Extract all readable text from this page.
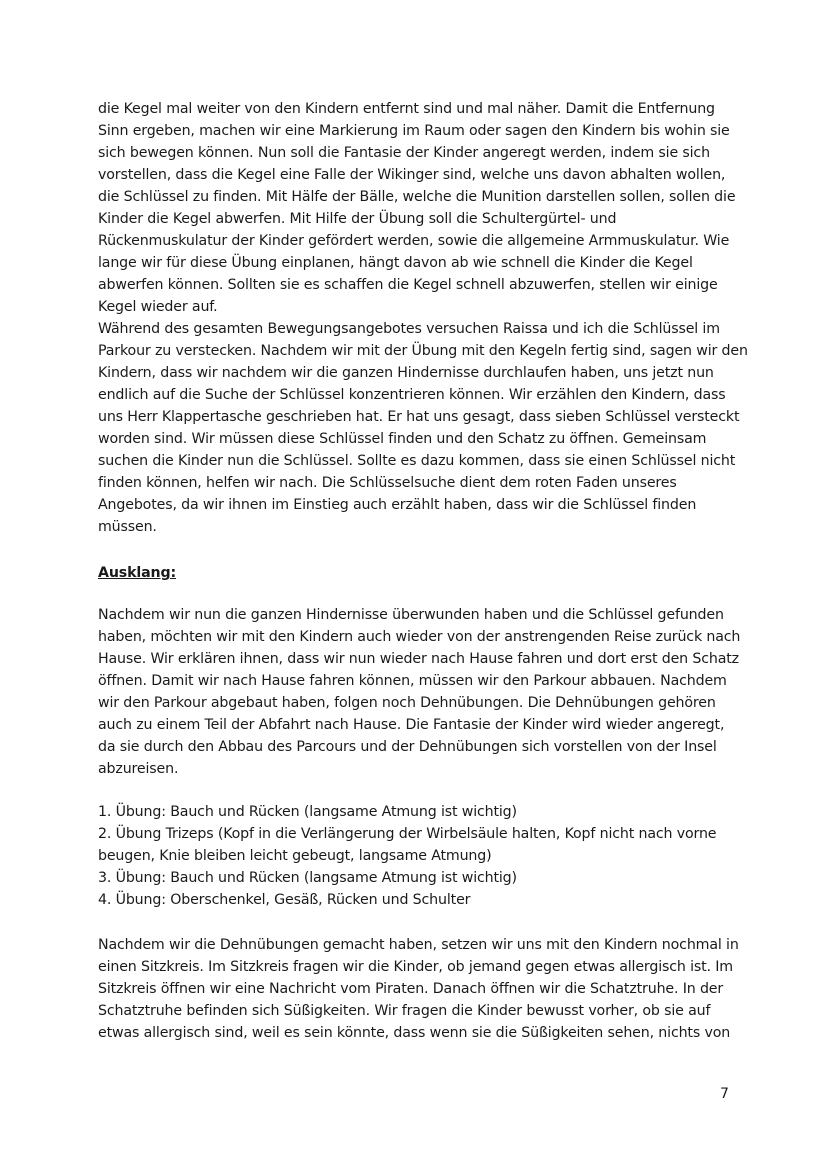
die Kegel mal weiter von den Kindern entfernt sind und mal näher. Damit die Entfernung
Sinn ergeben, machen wir eine Markierung im Raum oder sagen den Kindern bis wohin sie
sich bewegen können. Nun soll die Fantasie der Kinder angeregt werden, indem sie sich
vorstellen, dass die Kegel eine Falle der Wikinger sind, welche uns davon abhalten wollen,
die Schlüssel zu finden. Mit Hälfe der Bälle, welche die Munition darstellen sollen, sollen die
Kinder die Kegel abwerfen. Mit Hilfe der Übung soll die Schultergürtel- und
Rückenmuskulatur der Kinder gefördert werden, sowie die allgemeine Armmuskulatur. Wie
lange wir für diese Übung einplanen, hängt davon ab wie schnell die Kinder die Kegel
abwerfen können. Sollten sie es schaffen die Kegel schnell abzuwerfen, stellen wir einige
Kegel wieder auf.
Während des gesamten Bewegungsangebotes versuchen Raissa und ich die Schlüssel im
Parkour zu verstecken. Nachdem wir mit der Übung mit den Kegeln fertig sind, sagen wir den
Kindern, dass wir nachdem wir die ganzen Hindernisse durchlaufen haben, uns jetzt nun
endlich auf die Suche der Schlüssel konzentrieren können. Wir erzählen den Kindern, dass
uns Herr Klappertasche geschrieben hat. Er hat uns gesagt, dass sieben Schlüssel versteckt
worden sind. Wir müssen diese Schlüssel finden und den Schatz zu öffnen. Gemeinsam
suchen die Kinder nun die Schlüssel. Sollte es dazu kommen, dass sie einen Schlüssel nicht
finden können, helfen wir nach. Die Schlüsselsuche dient dem roten Faden unseres
Angebotes, da wir ihnen im Einstieg auch erzählt haben, dass wir die Schlüssel finden
müssen.

Ausklang:

Nachdem wir nun die ganzen Hindernisse überwunden haben und die Schlüssel gefunden
haben, möchten wir mit den Kindern auch wieder von der anstrengenden Reise zurück nach
Hause. Wir erklären ihnen, dass wir nun wieder nach Hause fahren und dort erst den Schatz
öffnen. Damit wir nach Hause fahren können, müssen wir den Parkour abbauen. Nachdem
wir den Parkour abgebaut haben, folgen noch Dehnübungen. Die Dehnübungen gehören
auch zu einem Teil der Abfahrt nach Hause. Die Fantasie der Kinder wird wieder angeregt,
da sie durch den Abbau des Parcours und der Dehnübungen sich vorstellen von der Insel
abzureisen.

1. Übung: Bauch und Rücken (langsame Atmung ist wichtig)
2. Übung Trizeps (Kopf in die Verlängerung der Wirbelsäule halten, Kopf nicht nach vorne
beugen, Knie bleiben leicht gebeugt, langsame Atmung)
3. Übung: Bauch und Rücken (langsame Atmung ist wichtig)
4. Übung: Oberschenkel, Gesäß, Rücken und Schulter

Nachdem wir die Dehnübungen gemacht haben, setzen wir uns mit den Kindern nochmal in
einen Sitzkreis. Im Sitzkreis fragen wir die Kinder, ob jemand gegen etwas allergisch ist. Im
Sitzkreis öffnen wir eine Nachricht vom Piraten. Danach öffnen wir die Schatztruhe. In der
Schatztruhe befinden sich Süßigkeiten. Wir fragen die Kinder bewusst vorher, ob sie auf
etwas allergisch sind, weil es sein könnte, dass wenn sie die Süßigkeiten sehen, nichts von

7
